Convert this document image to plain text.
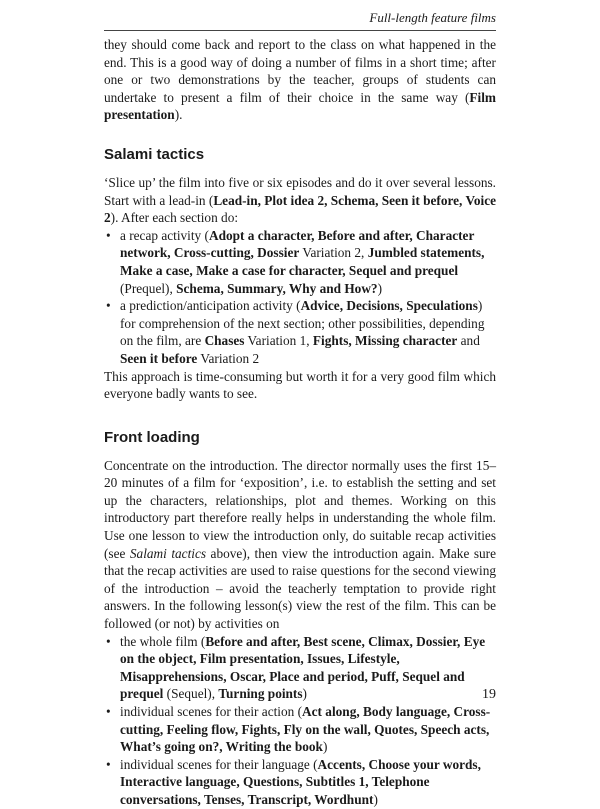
Full-length feature films

they should come back and report to the class on what happened in the end. This is a good way of doing a number of films in a short time; after one or two demonstrations by the teacher, groups of students can undertake to present a film of their choice in the same way (Film presentation).

Salami tactics

‘Slice up’ the film into five or six episodes and do it over several lessons. Start with a lead-in (Lead-in, Plot idea 2, Schema, Seen it before, Voice 2). After each section do:

• a recap activity (Adopt a character, Before and after, Character network, Cross-cutting, Dossier Variation 2, Jumbled statements, Make a case, Make a case for character, Sequel and prequel (Prequel), Schema, Summary, Why and How?)
• a prediction/anticipation activity (Advice, Decisions, Speculations) for comprehension of the next section; other possibilities, depending on the film, are Chases Variation 1, Fights, Missing character and Seen it before Variation 2

This approach is time-consuming but worth it for a very good film which everyone badly wants to see.

Front loading

Concentrate on the introduction. The director normally uses the first 15–20 minutes of a film for ‘exposition’, i.e. to establish the setting and set up the characters, relationships, plot and themes. Working on this introductory part therefore really helps in understanding the whole film. Use one lesson to view the introduction only, do suitable recap activities (see Salami tactics above), then view the introduction again. Make sure that the recap activities are used to raise questions for the second viewing of the introduction – avoid the teacherly temptation to provide right answers. In the following lesson(s) view the rest of the film. This can be followed (or not) by activities on

• the whole film (Before and after, Best scene, Climax, Dossier, Eye on the object, Film presentation, Issues, Lifestyle, Misapprehensions, Oscar, Place and period, Puff, Sequel and prequel (Sequel), Turning points)
• individual scenes for their action (Act along, Body language, Cross-cutting, Feeling flow, Fights, Fly on the wall, Quotes, Speech acts, What’s going on?, Writing the book)
• individual scenes for their language (Accents, Choose your words, Interactive language, Questions, Subtitles 1, Telephone conversations, Tenses, Transcript, Wordhunt)
19
